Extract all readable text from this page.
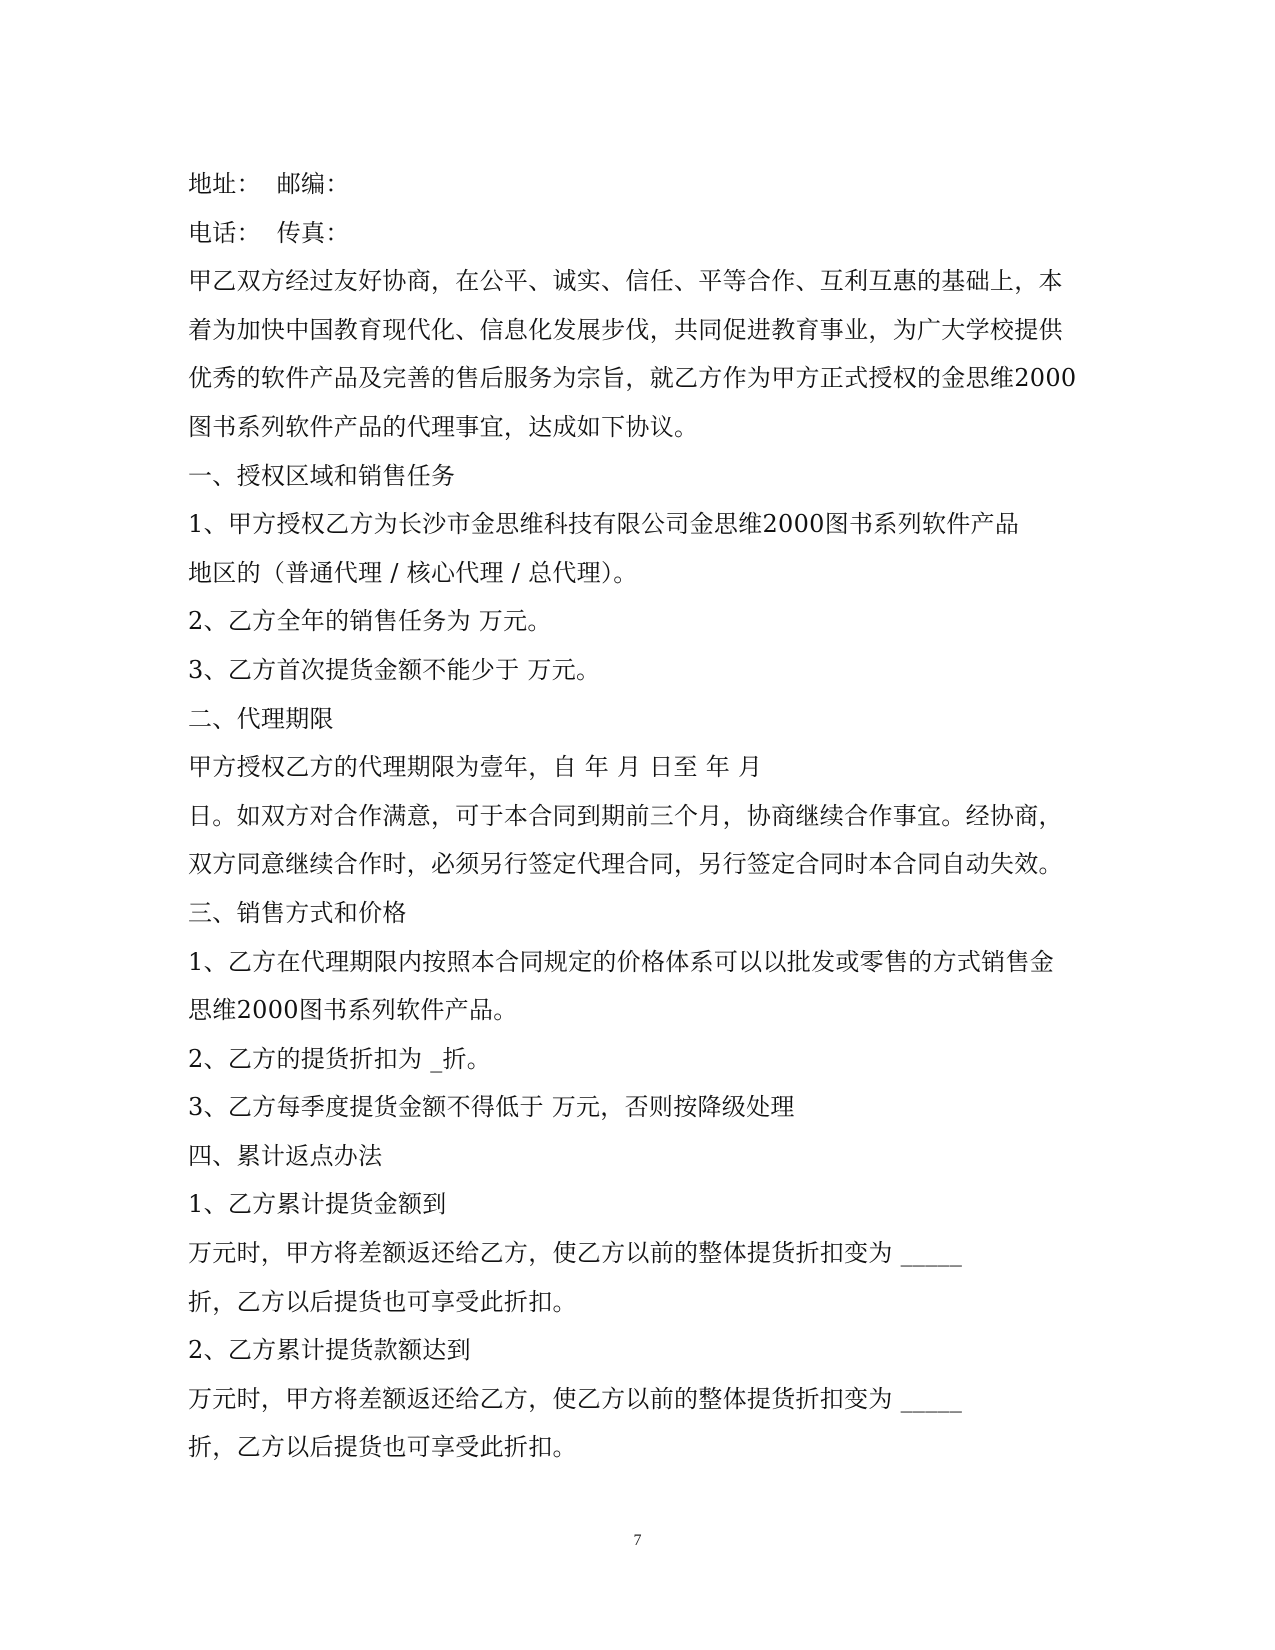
地址：  邮编：
电话：  传真：
甲乙双方经过友好协商，在公平、诚实、信任、平等合作、互利互惠的基础上，本
着为加快中国教育现代化、信息化发展步伐，共同促进教育事业，为广大学校提供
优秀的软件产品及完善的售后服务为宗旨，就乙方作为甲方正式授权的金思维2000
图书系列软件产品的代理事宜，达成如下协议。
一、授权区域和销售任务
1、甲方授权乙方为长沙市金思维科技有限公司金思维2000图书系列软件产品
地区的（普通代理 / 核心代理 / 总代理）。
2、乙方全年的销售任务为 万元。
3、乙方首次提货金额不能少于 万元。
二、代理期限
甲方授权乙方的代理期限为壹年，自 年 月 日至 年 月
日。如双方对合作满意，可于本合同到期前三个月，协商继续合作事宜。经协商，
双方同意继续合作时，必须另行签定代理合同，另行签定合同时本合同自动失效。
三、销售方式和价格
1、乙方在代理期限内按照本合同规定的价格体系可以以批发或零售的方式销售金
思维2000图书系列软件产品。
2、乙方的提货折扣为 _折。
3、乙方每季度提货金额不得低于 万元，否则按降级处理
四、累计返点办法
1、乙方累计提货金额到
万元时，甲方将差额返还给乙方，使乙方以前的整体提货折扣变为 _____
折，乙方以后提货也可享受此折扣。
2、乙方累计提货款额达到
万元时，甲方将差额返还给乙方，使乙方以前的整体提货折扣变为 _____
折，乙方以后提货也可享受此折扣。
7
